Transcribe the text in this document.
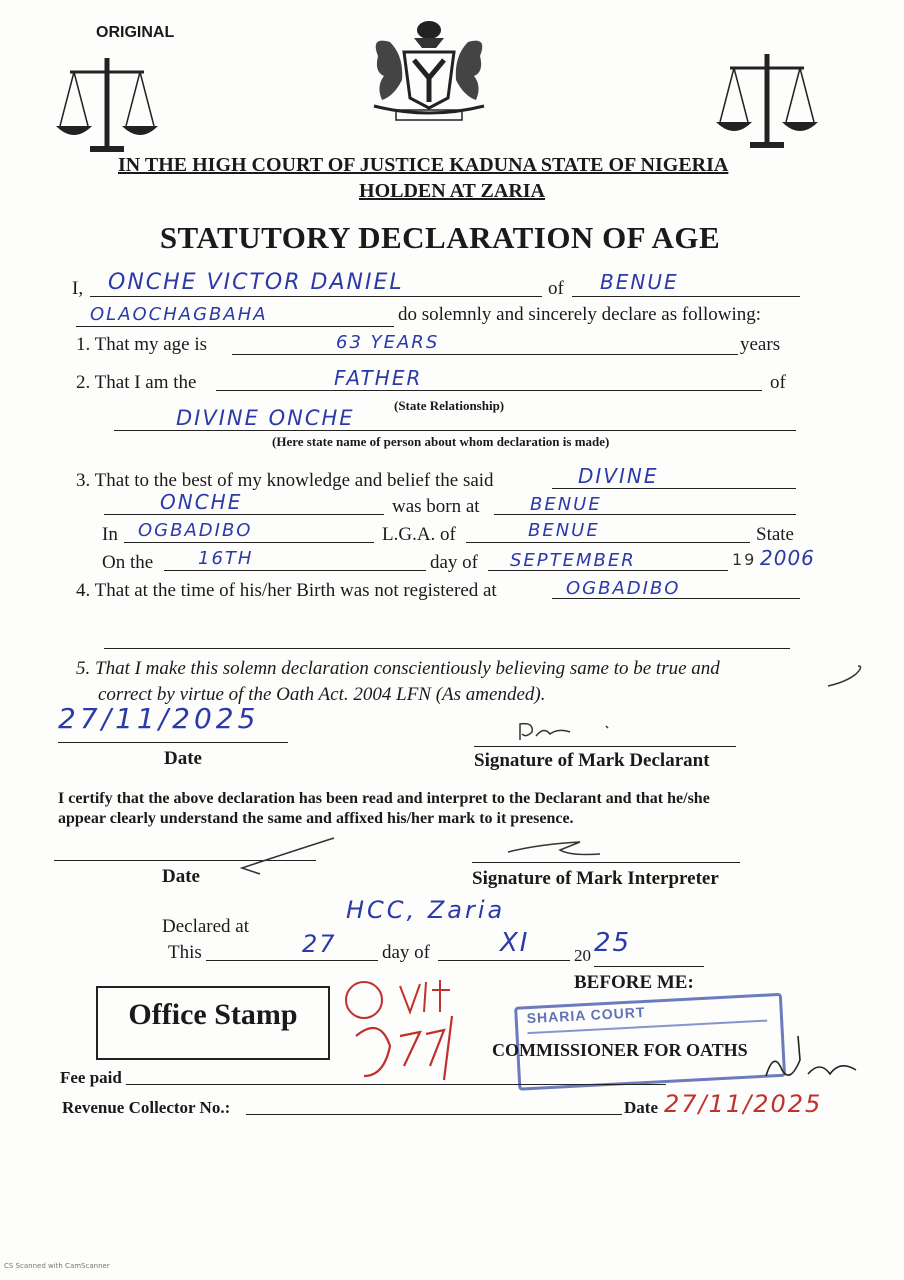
ORIGINAL
IN THE HIGH COURT OF JUSTICE KADUNA STATE OF NIGERIA
HOLDEN AT ZARIA
STATUTORY DECLARATION OF AGE
I, ONCHE VICTOR DANIEL	of BENUE
OLAOCHAGBAHA	do solemnly and sincerely declare as following:
1. That my age is	63 YEARS	years
2. That I am the	FATHER	of
(State Relationship)
DIVINE ONCHE
(Here state name of person about whom declaration is made)
3. That to the best of my knowledge and belief the said	DIVINE
ONCHE	was born at	BENUE
In OGBADIBO	L.G.A. of	BENUE	State
On the 16TH	day of SEPTEMBER	19 2006
4. That at the time of his/her Birth was not registered at	OGBADIBO
5. That I make this solemn declaration conscientiously believing same to be true and
correct by virtue of the Oath Act. 2004 LFN (As amended).
27/11/2025
Date	Signature of Mark Declarant
I certify that the above declaration has been read and interpret to the Declarant and that he/she
appear clearly understand the same and affixed his/her mark to it presence.
Date	Signature of Mark Interpreter
Declared at
HCC, Zaria
This	27 day of	XI	20 25
BEFORE ME:
Office Stamp	SHARIA COURT
COMMISSIONER FOR OATHS
Fee paid
Revenue Collector No.:	Date 27/11/2025
CS Scanned with CamScanner
